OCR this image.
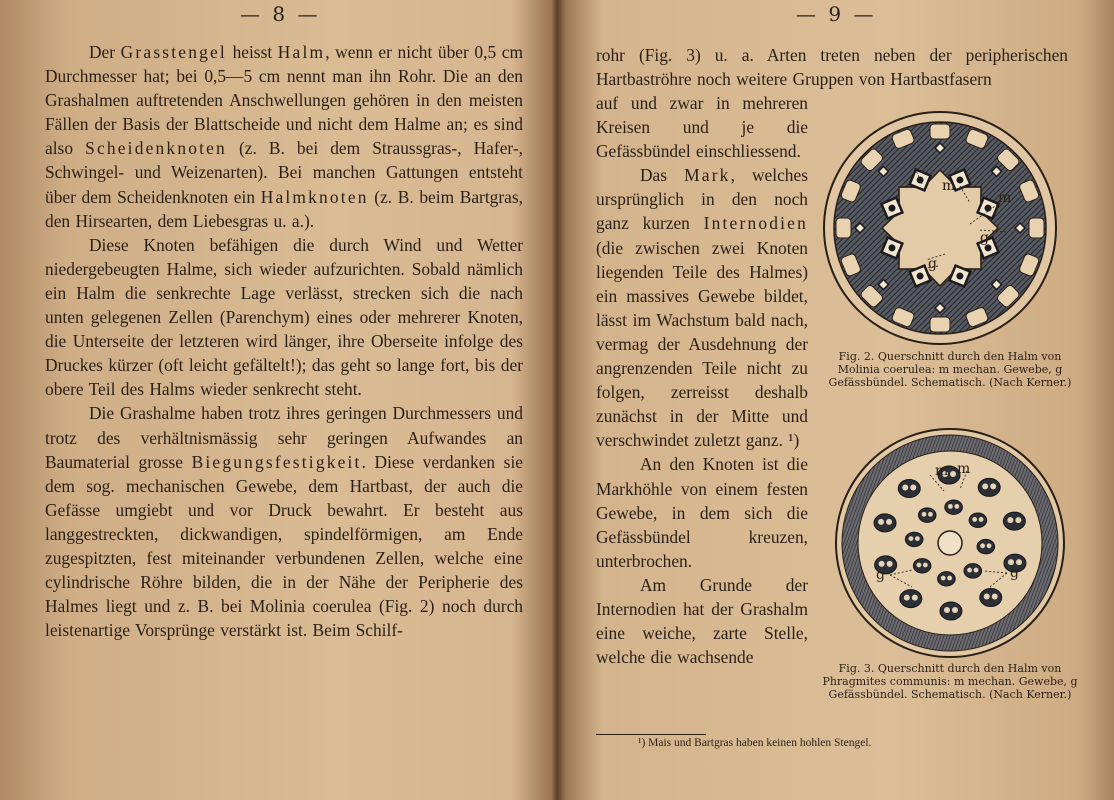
— 8 —

Der Grasstengel heisst Halm, wenn er nicht über 0,5 cm Durchmesser hat; bei 0,5—5 cm nennt man ihn Rohr. Die an den Grashalmen auftretenden Anschwellungen gehören in den meisten Fällen der Basis der Blattscheide und nicht dem Halme an; es sind also Scheidenknoten (z. B. bei dem Straussgras-, Hafer-, Schwingel- und Weizenarten). Bei manchen Gattungen entsteht über dem Scheidenknoten ein Halmknoten (z. B. beim Bartgras, den Hirsearten, dem Liebesgras u. a.).

Diese Knoten befähigen die durch Wind und Wetter niedergebeugten Halme, sich wieder aufzurichten. Sobald nämlich ein Halm die senkrechte Lage verlässt, strecken sich die nach unten gelegenen Zellen (Parenchym) eines oder mehrerer Knoten, die Unterseite der letzteren wird länger, ihre Oberseite infolge des Druckes kürzer (oft leicht gefältelt!); das geht so lange fort, bis der obere Teil des Halms wieder senkrecht steht.

Die Grashalme haben trotz ihres geringen Durchmessers und trotz des verhältnismässig sehr geringen Aufwandes an Baumaterial grosse Biegungsfestigkeit. Diese verdanken sie dem sog. mechanischen Gewebe, dem Hartbast, der auch die Gefässe umgiebt und vor Druck bewahrt. Er besteht aus langgestreckten, dickwandigen, spindelförmigen, am Ende zugespitzten, fest miteinander verbundenen Zellen, welche eine cylindrische Röhre bilden, die in der Nähe der Peripherie des Halmes liegt und z. B. bei Molinia coerulea (Fig. 2) noch durch leistenartige Vorsprünge verstärkt ist. Beim Schilf-

— 9 —
rohr (Fig. 3) u. a. Arten treten neben der peripherischen Hartbaströhre noch weitere Gruppen von Hartbastfasern

auf und zwar in mehreren Kreisen und je die Gefässbündel einschliessend.

Das Mark, welches ursprünglich in den noch ganz kurzen Internodien (die zwischen zwei Knoten liegenden Teile des Halmes) ein massives Gewebe bildet, lässt im Wachstum bald nach, vermag der Ausdehnung der angrenzenden Teile nicht zu folgen, zerreisst deshalb zunächst in der Mitte und verschwindet zuletzt ganz. ¹)

An den Knoten ist die Markhöhle von einem festen Gewebe, in dem sich die Gefässbündel kreuzen, unterbrochen.

Am Grunde der Internodien hat der Grashalm eine weiche, zarte Stelle, welche die wachsende

m
m
g
g
Fig. 2. Querschnitt durch den Halm von Molinia coerulea: m mechan. Gewebe, g Gefässbündel. Schematisch. (Nach Kerner.)
m m
g	g
Fig. 3. Querschnitt durch den Halm von Phragmites communis: m mechan. Gewebe, g Gefässbündel. Schematisch. (Nach Kerner.)
¹) Mais und Bartgras haben keinen hohlen Stengel.
